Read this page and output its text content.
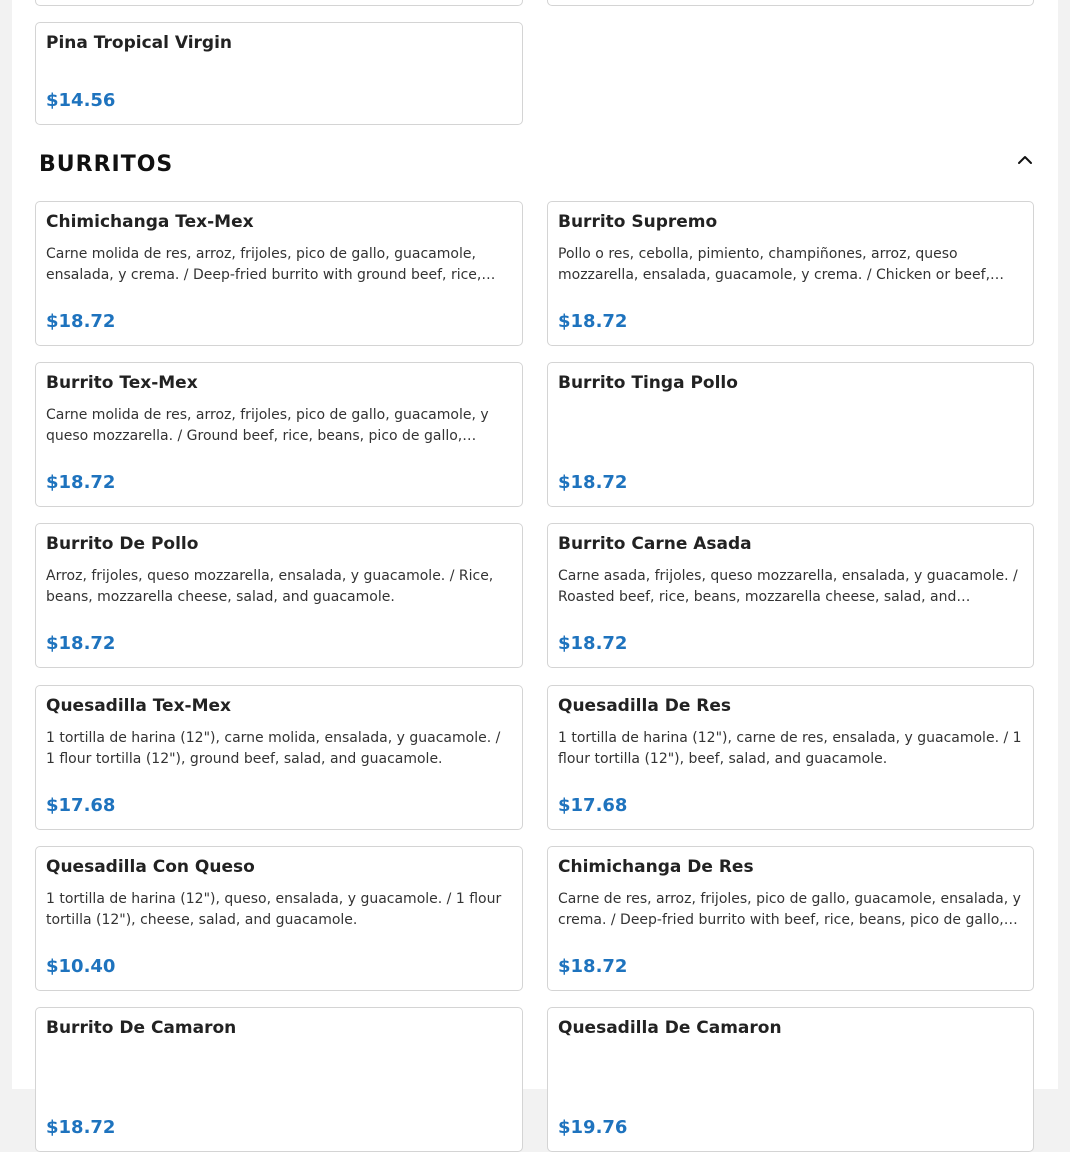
Pina Tropical Virgin
$14.56
BURRITOS
Chimichanga Tex-Mex
Carne molida de res, arroz, frijoles, pico de gallo, guacamole, ensalada, y crema. / Deep-fried burrito with ground beef, rice,…
$18.72
Burrito Supremo
Pollo o res, cebolla, pimiento, champiñones, arroz, queso mozzarella, ensalada, guacamole, y crema. / Chicken or beef,…
$18.72
Burrito Tex-Mex
Carne molida de res, arroz, frijoles, pico de gallo, guacamole, y queso mozzarella. / Ground beef, rice, beans, pico de gallo,…
$18.72
Burrito Tinga Pollo
$18.72
Burrito De Pollo
Arroz, frijoles, queso mozzarella, ensalada, y guacamole. / Rice, beans, mozzarella cheese, salad, and guacamole.
$18.72
Burrito Carne Asada
Carne asada, frijoles, queso mozzarella, ensalada, y guacamole. / Roasted beef, rice, beans, mozzarella cheese, salad, and…
$18.72
Quesadilla Tex-Mex
1 tortilla de harina (12"), carne molida, ensalada, y guacamole. / 1 flour tortilla (12"), ground beef, salad, and guacamole.
$17.68
Quesadilla De Res
1 tortilla de harina (12"), carne de res, ensalada, y guacamole. / 1 flour tortilla (12"), beef, salad, and guacamole.
$17.68
Quesadilla Con Queso
1 tortilla de harina (12"), queso, ensalada, y guacamole. / 1 flour tortilla (12"), cheese, salad, and guacamole.
$10.40
Chimichanga De Res
Carne de res, arroz, frijoles, pico de gallo, guacamole, ensalada, y crema. / Deep-fried burrito with beef, rice, beans, pico de gallo,…
$18.72
Burrito De Camaron
$18.72
Quesadilla De Camaron
$19.76
